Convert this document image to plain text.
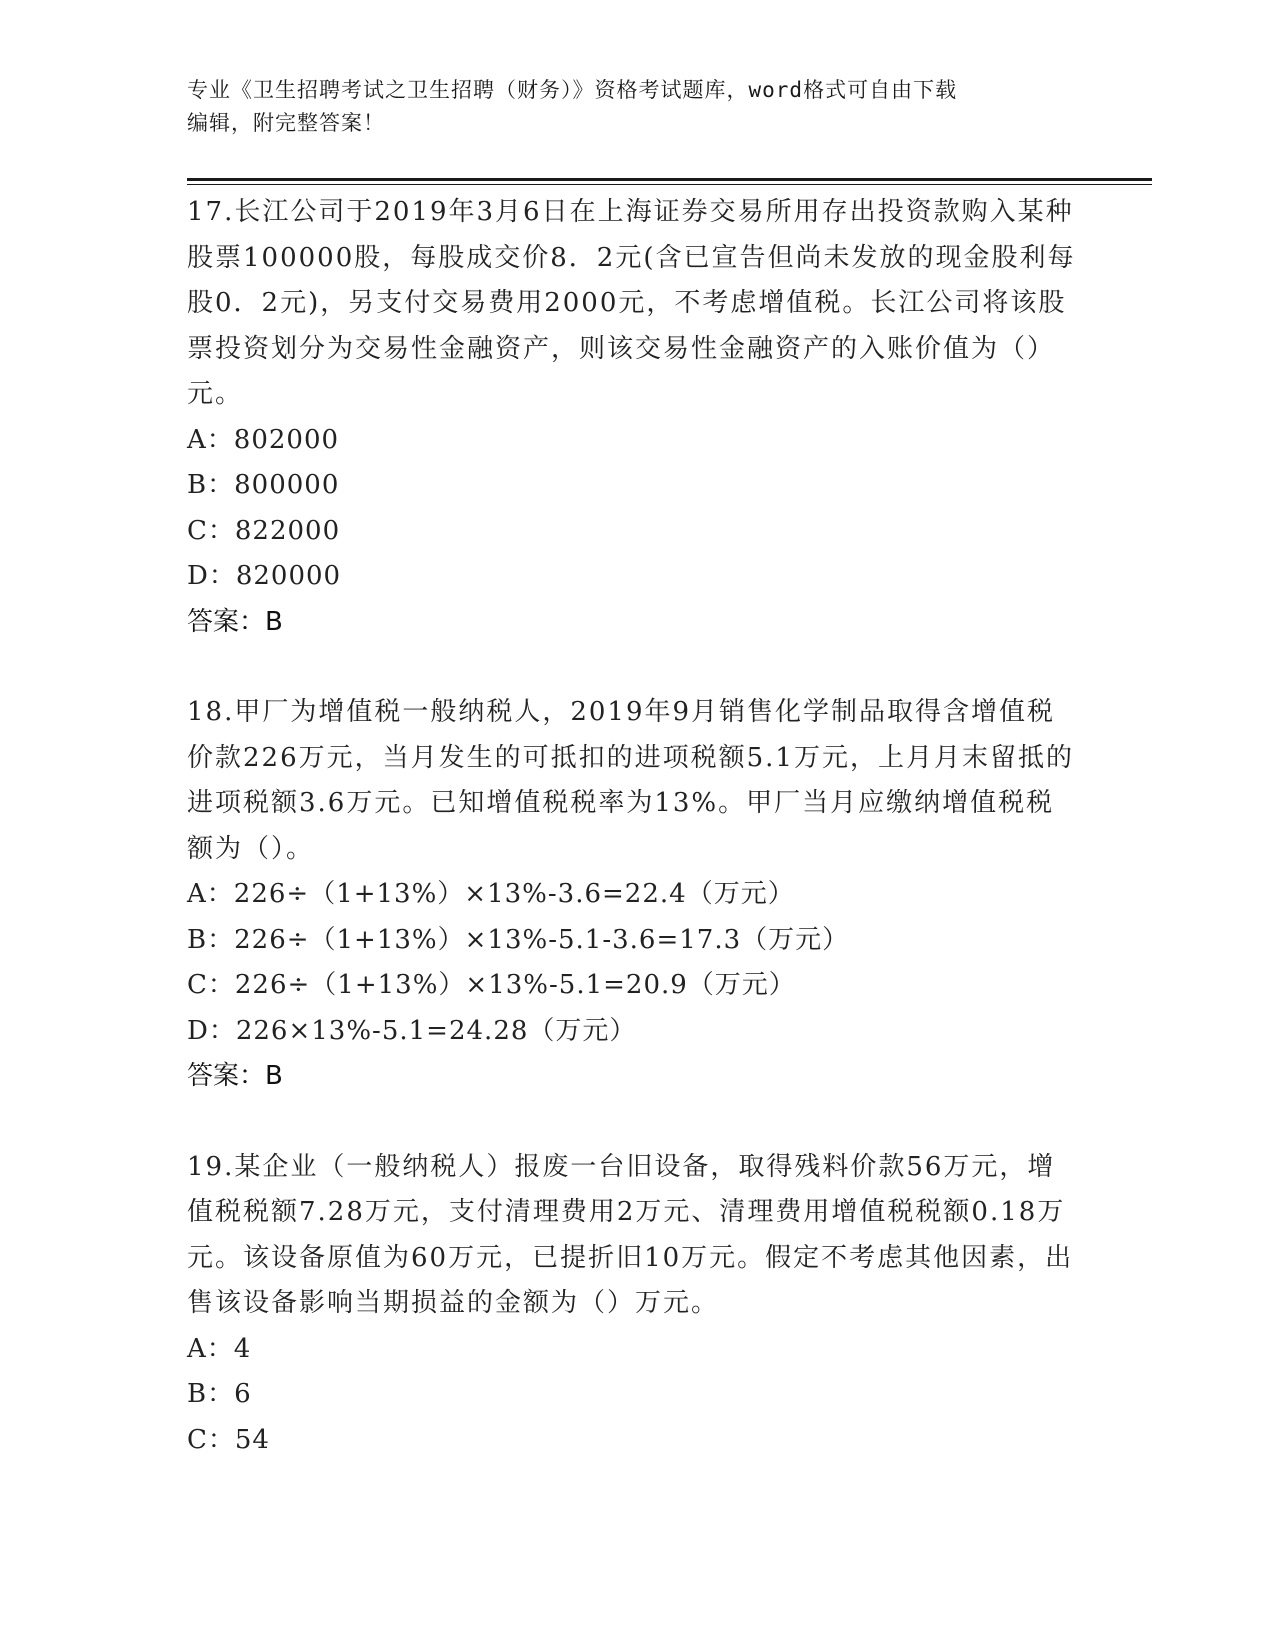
专业《卫生招聘考试之卫生招聘（财务）》资格考试题库，word格式可自由下载
编辑，附完整答案！

17.长江公司于2019年3月6日在上海证券交易所用存出投资款购入某种股票100000股，每股成交价8．2元(含已宣告但尚未发放的现金股利每股0．2元)，另支付交易费用2000元，不考虑增值税。长江公司将该股票投资划分为交易性金融资产，则该交易性金融资产的入账价值为（）元。

A：802000

B：800000

C：822000

D：820000

答案：B

18.甲厂为增值税一般纳税人，2019年9月销售化学制品取得含增值税价款226万元，当月发生的可抵扣的进项税额5.1万元，上月月末留抵的进项税额3.6万元。已知增值税税率为13%。甲厂当月应缴纳增值税税额为（）。

A：226÷（1+13%）×13%-3.6=22.4（万元）

B：226÷（1+13%）×13%-5.1-3.6=17.3（万元）

C：226÷（1+13%）×13%-5.1=20.9（万元）

D：226×13%-5.1=24.28（万元）

答案：B

19.某企业（一般纳税人）报废一台旧设备，取得残料价款56万元，增值税税额7.28万元，支付清理费用2万元、清理费用增值税税额0.18万元。该设备原值为60万元，已提折旧10万元。假定不考虑其他因素，出售该设备影响当期损益的金额为（）万元。

A：4

B：6

C：54
